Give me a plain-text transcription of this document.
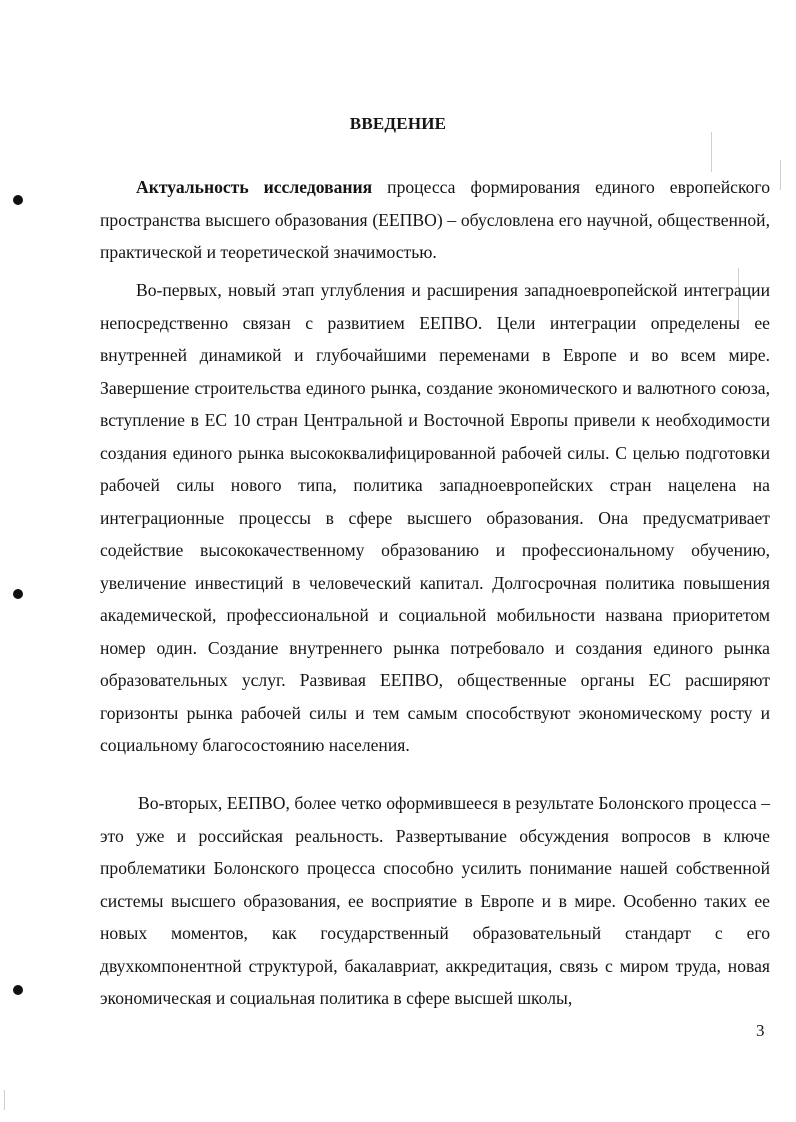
ВВЕДЕНИЕ

Актуальность исследования процесса формирования единого европейского пространства высшего образования (ЕЕПВО) – обусловлена его научной, общественной, практической и теоретической значимостью.

Во-первых, новый этап углубления и расширения западноевропейской интеграции непосредственно связан с развитием ЕЕПВО. Цели интеграции определены ее внутренней динамикой и глубочайшими переменами в Европе и во всем мире. Завершение строительства единого рынка, создание экономического и валютного союза, вступление в ЕС 10 стран Центральной и Восточной Европы привели к необходимости создания единого рынка высококвалифицированной рабочей силы. С целью подготовки рабочей силы нового типа, политика западноевропейских стран нацелена на интеграционные процессы в сфере высшего образования. Она предусматривает содействие высококачественному образованию и профессиональному обучению, увеличение инвестиций в человеческий капитал. Долгосрочная политика повышения академической, профессиональной и социальной мобильности названа приоритетом номер один. Создание внутреннего рынка потребовало и создания единого рынка образовательных услуг. Развивая ЕЕПВО, общественные органы ЕС расширяют горизонты рынка рабочей силы и тем самым способствуют экономическому росту и социальному благосостоянию населения.

Во-вторых, ЕЕПВО, более четко оформившееся в результате Болонского процесса – это уже и российская реальность. Развертывание обсуждения вопросов в ключе проблематики Болонского процесса способно усилить понимание нашей собственной системы высшего образования, ее восприятие в Европе и в мире. Особенно таких ее новых моментов, как государственный образовательный стандарт с его двухкомпонентной структурой, бакалавриат, аккредитация, связь с миром труда, новая экономическая и социальная политика в сфере высшей школы,

3
